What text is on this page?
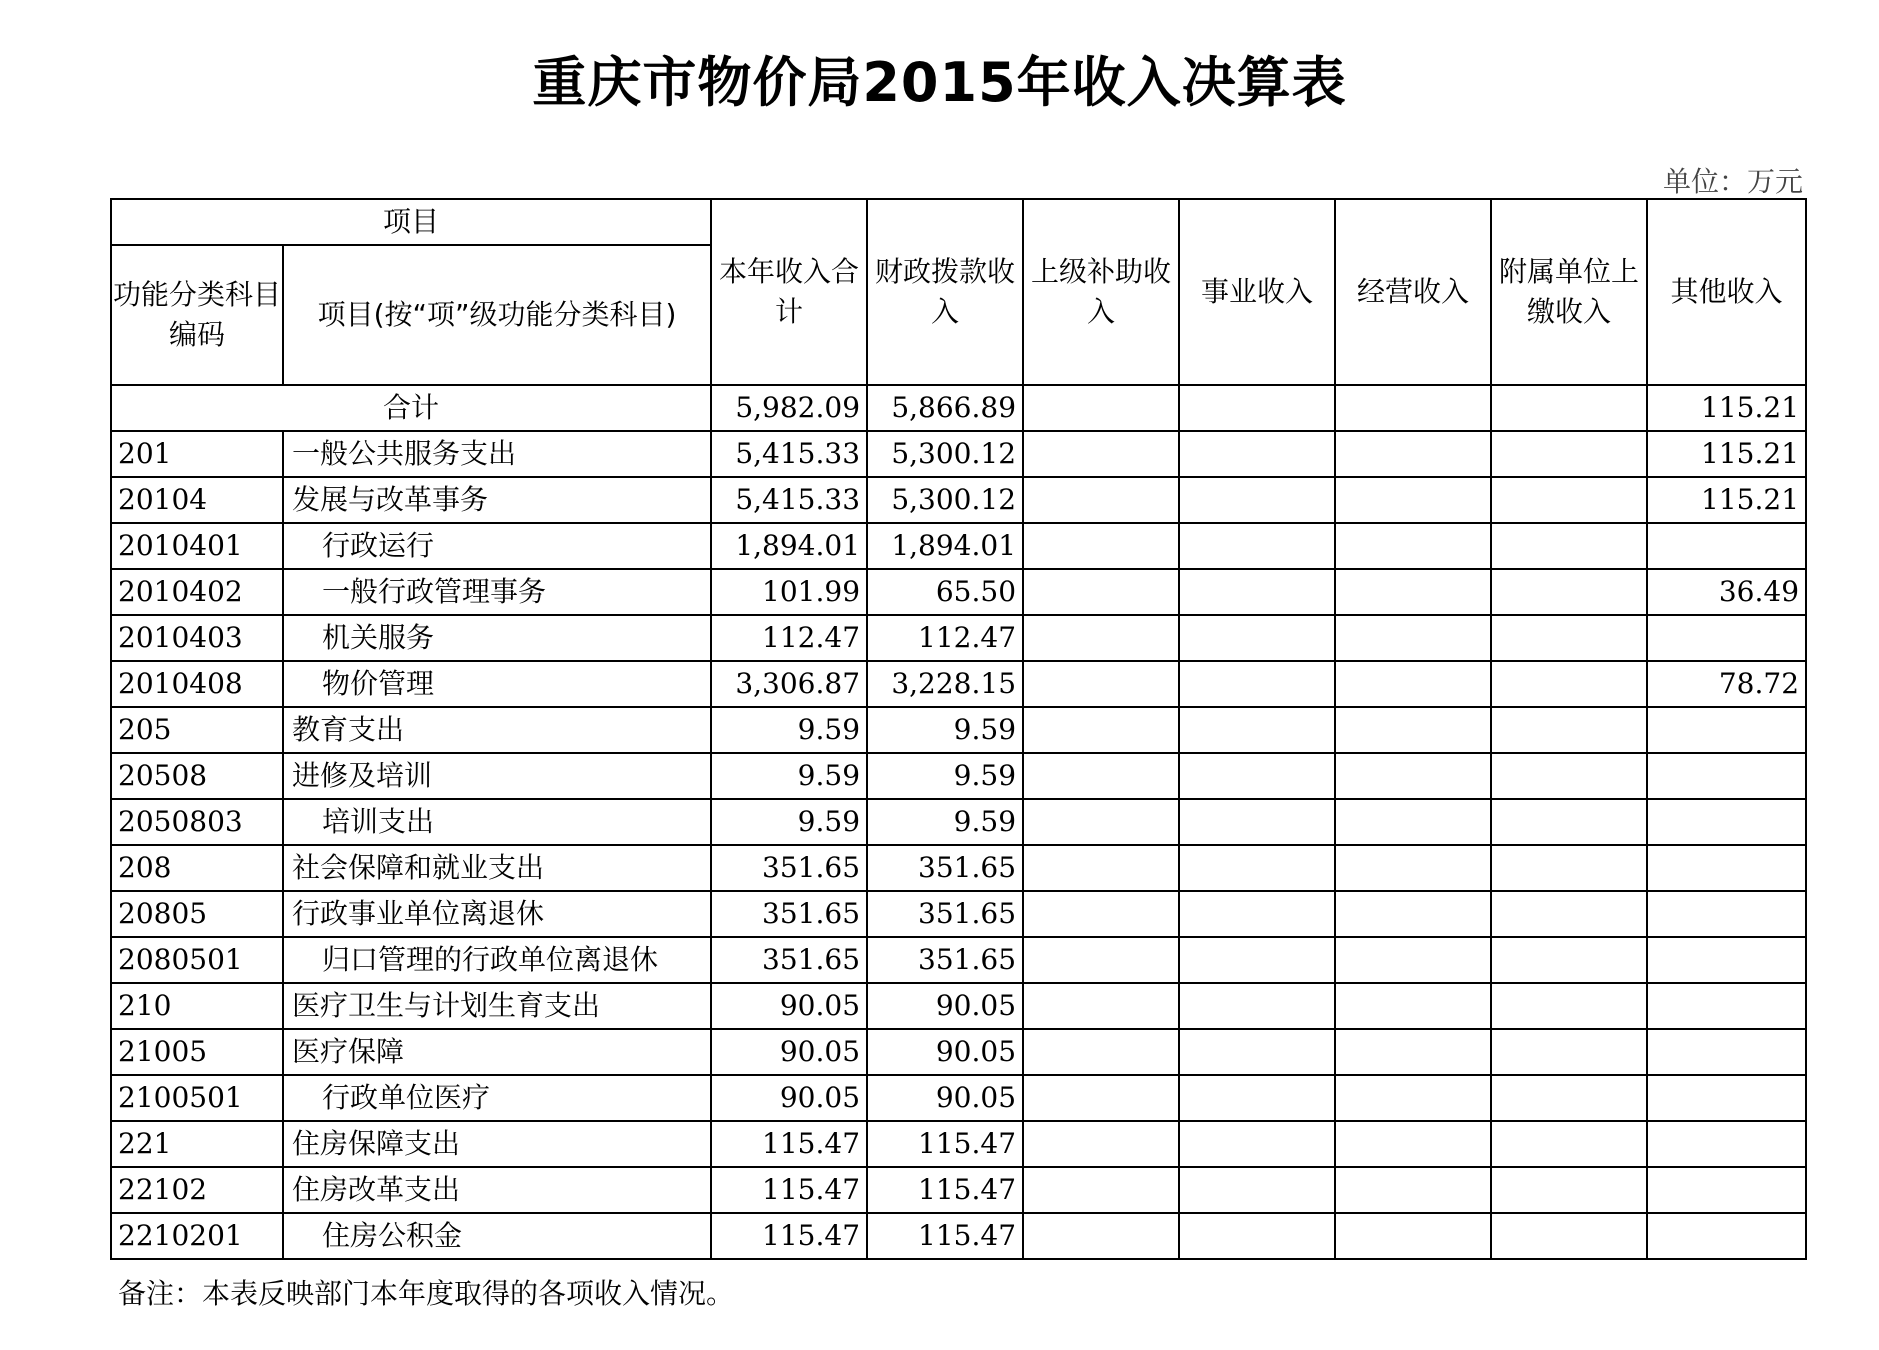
重庆市物价局2015年收入决算表
单位：万元
项目		本年收入合计	财政拨款收入	上级补助收入	事业收入	经营收入	附属单位上缴收入	其他收入
功能分类科目编码	项目(按“项”级功能分类科目)							
合计		5,982.09	5,866.89					115.21
201	一般公共服务支出	5,415.33	5,300.12					115.21
20104	发展与改革事务	5,415.33	5,300.12					115.21
2010401	行政运行	1,894.01	1,894.01					
2010402	一般行政管理事务	101.99	65.50					36.49
2010403	机关服务	112.47	112.47					
2010408	物价管理	3,306.87	3,228.15					78.72
205	教育支出	9.59	9.59					
20508	进修及培训	9.59	9.59					
2050803	培训支出	9.59	9.59					
208	社会保障和就业支出	351.65	351.65					
20805	行政事业单位离退休	351.65	351.65					
2080501	归口管理的行政单位离退休	351.65	351.65					
210	医疗卫生与计划生育支出	90.05	90.05					
21005	医疗保障	90.05	90.05					
2100501	行政单位医疗	90.05	90.05					
221	住房保障支出	115.47	115.47					
22102	住房改革支出	115.47	115.47					
2210201	住房公积金	115.47	115.47					
备注：本表反映部门本年度取得的各项收入情况。
